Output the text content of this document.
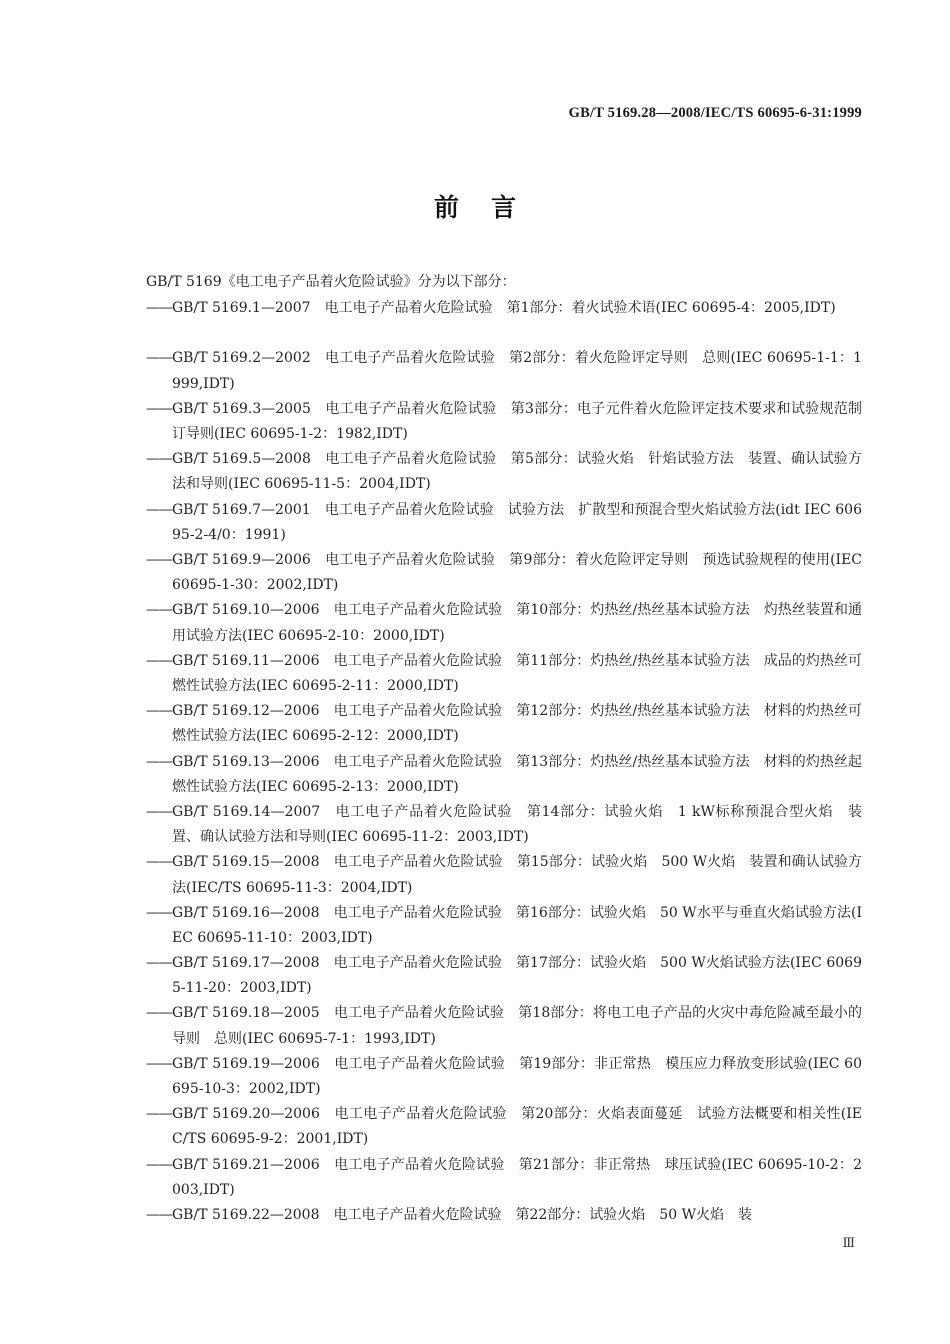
GB/T 5169.28—2008/IEC/TS 60695-6-31:1999
前言
GB/T 5169《电工电子产品着火危险试验》分为以下部分：
—— GB/T 5169.1—2007　电工电子产品着火危险试验　第1部分：着火试验术语(IEC 60695-4：2005,IDT)
—— GB/T 5169.2—2002　电工电子产品着火危险试验　第2部分：着火危险评定导则　总则(IEC 60695-1-1：1999,IDT)
—— GB/T 5169.3—2005　电工电子产品着火危险试验　第3部分：电子元件着火危险评定技术要求和试验规范制订导则(IEC 60695-1-2：1982,IDT)
—— GB/T 5169.5—2008　电工电子产品着火危险试验　第5部分：试验火焰　针焰试验方法　装置、确认试验方法和导则(IEC 60695-11-5：2004,IDT)
—— GB/T 5169.7—2001　电工电子产品着火危险试验　试验方法　扩散型和预混合型火焰试验方法(idt IEC 60695-2-4/0：1991)
—— GB/T 5169.9—2006　电工电子产品着火危险试验　第9部分：着火危险评定导则　预选试验规程的使用(IEC 60695-1-30：2002,IDT)
—— GB/T 5169.10—2006　电工电子产品着火危险试验　第10部分：灼热丝/热丝基本试验方法　灼热丝装置和通用试验方法(IEC 60695-2-10：2000,IDT)
—— GB/T 5169.11—2006　电工电子产品着火危险试验　第11部分：灼热丝/热丝基本试验方法　成品的灼热丝可燃性试验方法(IEC 60695-2-11：2000,IDT)
—— GB/T 5169.12—2006　电工电子产品着火危险试验　第12部分：灼热丝/热丝基本试验方法　材料的灼热丝可燃性试验方法(IEC 60695-2-12：2000,IDT)
—— GB/T 5169.13—2006　电工电子产品着火危险试验　第13部分：灼热丝/热丝基本试验方法　材料的灼热丝起燃性试验方法(IEC 60695-2-13：2000,IDT)
—— GB/T 5169.14—2007　电工电子产品着火危险试验　第14部分：试验火焰　1 kW标称预混合型火焰　装置、确认试验方法和导则(IEC 60695-11-2：2003,IDT)
—— GB/T 5169.15—2008　电工电子产品着火危险试验　第15部分：试验火焰　500 W火焰　装置和确认试验方法(IEC/TS 60695-11-3：2004,IDT)
—— GB/T 5169.16—2008　电工电子产品着火危险试验　第16部分：试验火焰　50 W水平与垂直火焰试验方法(IEC 60695-11-10：2003,IDT)
—— GB/T 5169.17—2008　电工电子产品着火危险试验　第17部分：试验火焰　500 W火焰试验方法(IEC 60695-11-20：2003,IDT)
—— GB/T 5169.18—2005　电工电子产品着火危险试验　第18部分：将电工电子产品的火灾中毒危险减至最小的导则　总则(IEC 60695-7-1：1993,IDT)
—— GB/T 5169.19—2006　电工电子产品着火危险试验　第19部分：非正常热　模压应力释放变形试验(IEC 60695-10-3：2002,IDT)
—— GB/T 5169.20—2006　电工电子产品着火危险试验　第20部分：火焰表面蔓延　试验方法概要和相关性(IEC/TS 60695-9-2：2001,IDT)
—— GB/T 5169.21—2006　电工电子产品着火危险试验　第21部分：非正常热　球压试验(IEC 60695-10-2：2003,IDT)
—— GB/T 5169.22—2008　电工电子产品着火危险试验　第22部分：试验火焰　50 W火焰　装
Ⅲ
